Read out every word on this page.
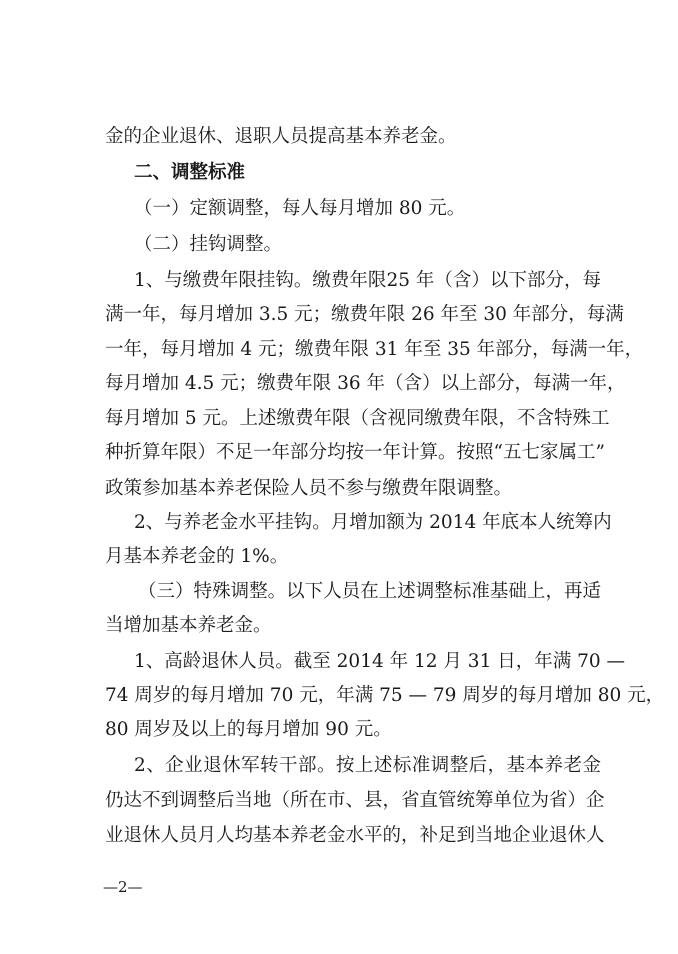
金的企业退休、退职人员提高基本养老金。
二、调整标准
（一）定额调整，每人每月增加 80 元。
（二）挂钩调整。
1、与缴费年限挂钩。缴费年限25 年（含）以下部分，每
满一年，每月增加 3.5 元；缴费年限 26 年至 30 年部分，每满
一年，每月增加 4 元；缴费年限 31 年至 35 年部分，每满一年，
每月增加 4.5 元；缴费年限 36 年（含）以上部分，每满一年，
每月增加 5 元。上述缴费年限（含视同缴费年限，不含特殊工
种折算年限）不足一年部分均按一年计算。按照“五七家属工”
政策参加基本养老保险人员不参与缴费年限调整。
2、与养老金水平挂钩。月增加额为 2014 年底本人统筹内
月基本养老金的 1%。
（三）特殊调整。以下人员在上述调整标准基础上，再适
当增加基本养老金。
1、高龄退休人员。截至 2014 年 12 月 31 日，年满 70 —
74 周岁的每月增加 70 元，年满 75 — 79 周岁的每月增加 80 元，
80 周岁及以上的每月增加 90 元。
2、企业退休军转干部。按上述标准调整后，基本养老金
仍达不到调整后当地（所在市、县，省直管统筹单位为省）企
业退休人员月人均基本养老金水平的，补足到当地企业退休人
—2—
